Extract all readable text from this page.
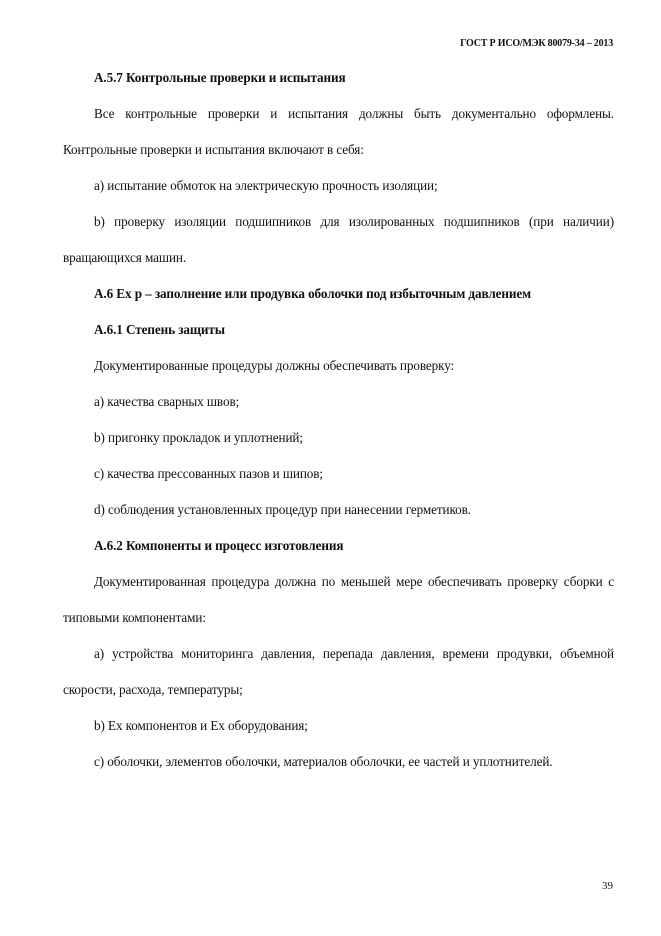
ГОСТ Р ИСО/МЭК 80079-34 – 2013
А.5.7 Контрольные проверки и испытания

Все контрольные проверки и испытания должны быть документально оформлены. Контрольные проверки и испытания включают в себя:

а) испытание обмоток на электрическую прочность изоляции;

b) проверку изоляции подшипников для изолированных подшипников (при наличии) вращающихся машин.

А.6 Ex p – заполнение или продувка оболочки под избыточным давлением
А.6.1 Степень защиты

Документированные процедуры должны обеспечивать проверку:

а) качества сварных швов;

b) пригонку прокладок и уплотнений;

с) качества прессованных пазов и шипов;

d) соблюдения установленных процедур при нанесении герметиков.

А.6.2 Компоненты и процесс изготовления

Документированная процедура должна по меньшей мере обеспечивать проверку сборки с типовыми компонентами:

а) устройства мониторинга давления, перепада давления, времени продувки, объемной скорости, расхода, температуры;

b) Ex компонентов и Ex оборудования;

с) оболочки, элементов оболочки, материалов оболочки, ее частей и уплотнителей.

39
